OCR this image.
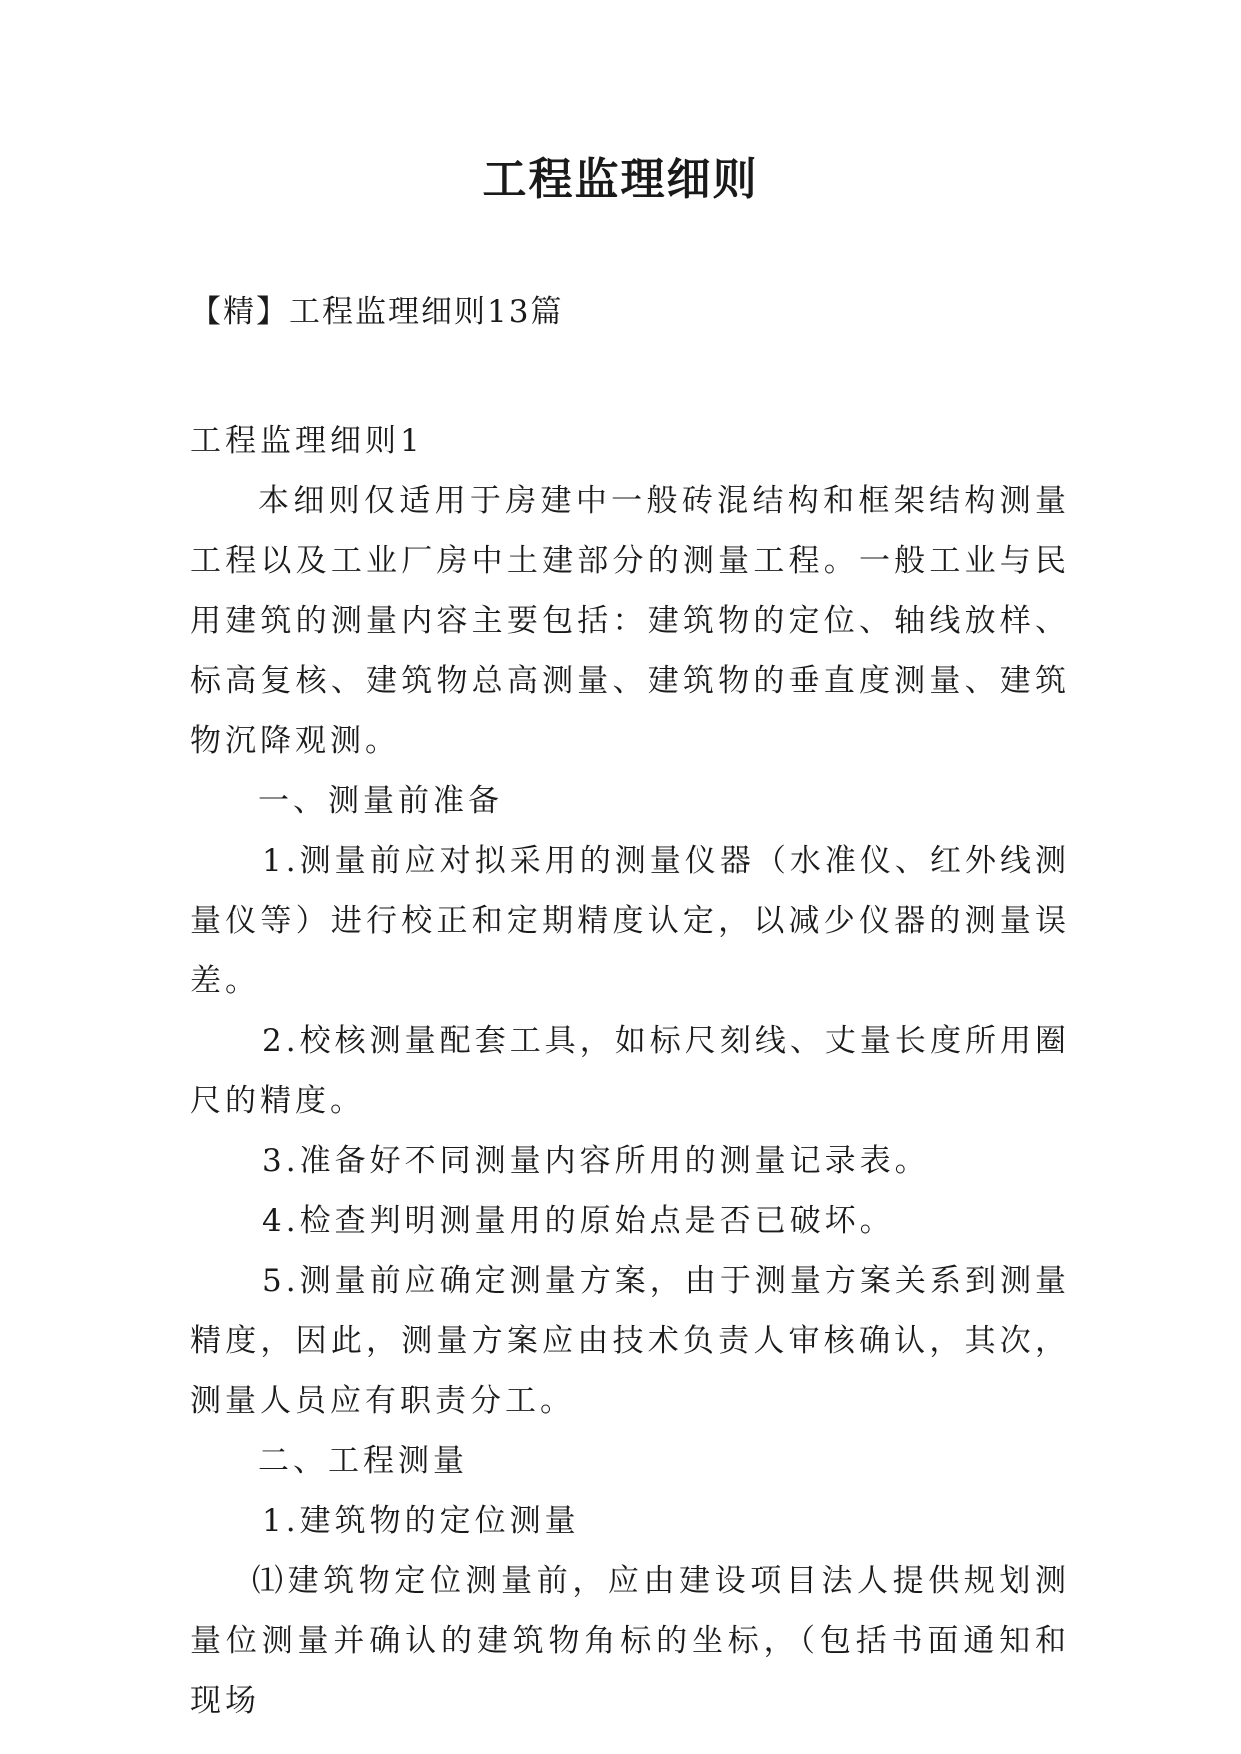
工程监理细则
【精】工程监理细则13篇

工程监理细则1

本细则仅适用于房建中一般砖混结构和框架结构测量工程以及工业厂房中土建部分的测量工程。一般工业与民用建筑的测量内容主要包括：建筑物的定位、轴线放样、标高复核、建筑物总高测量、建筑物的垂直度测量、建筑物沉降观测。

一、测量前准备

1.测量前应对拟采用的测量仪器（水准仪、红外线测量仪等）进行校正和定期精度认定，以减少仪器的测量误差。

2.校核测量配套工具，如标尺刻线、丈量长度所用圈尺的精度。

3.准备好不同测量内容所用的测量记录表。

4.检查判明测量用的原始点是否已破坏。

5.测量前应确定测量方案，由于测量方案关系到测量精度，因此，测量方案应由技术负责人审核确认，其次，测量人员应有职责分工。

二、工程测量

1.建筑物的定位测量

⑴建筑物定位测量前，应由建设项目法人提供规划测量位测量并确认的建筑物角标的坐标，（包括书面通知和现场
